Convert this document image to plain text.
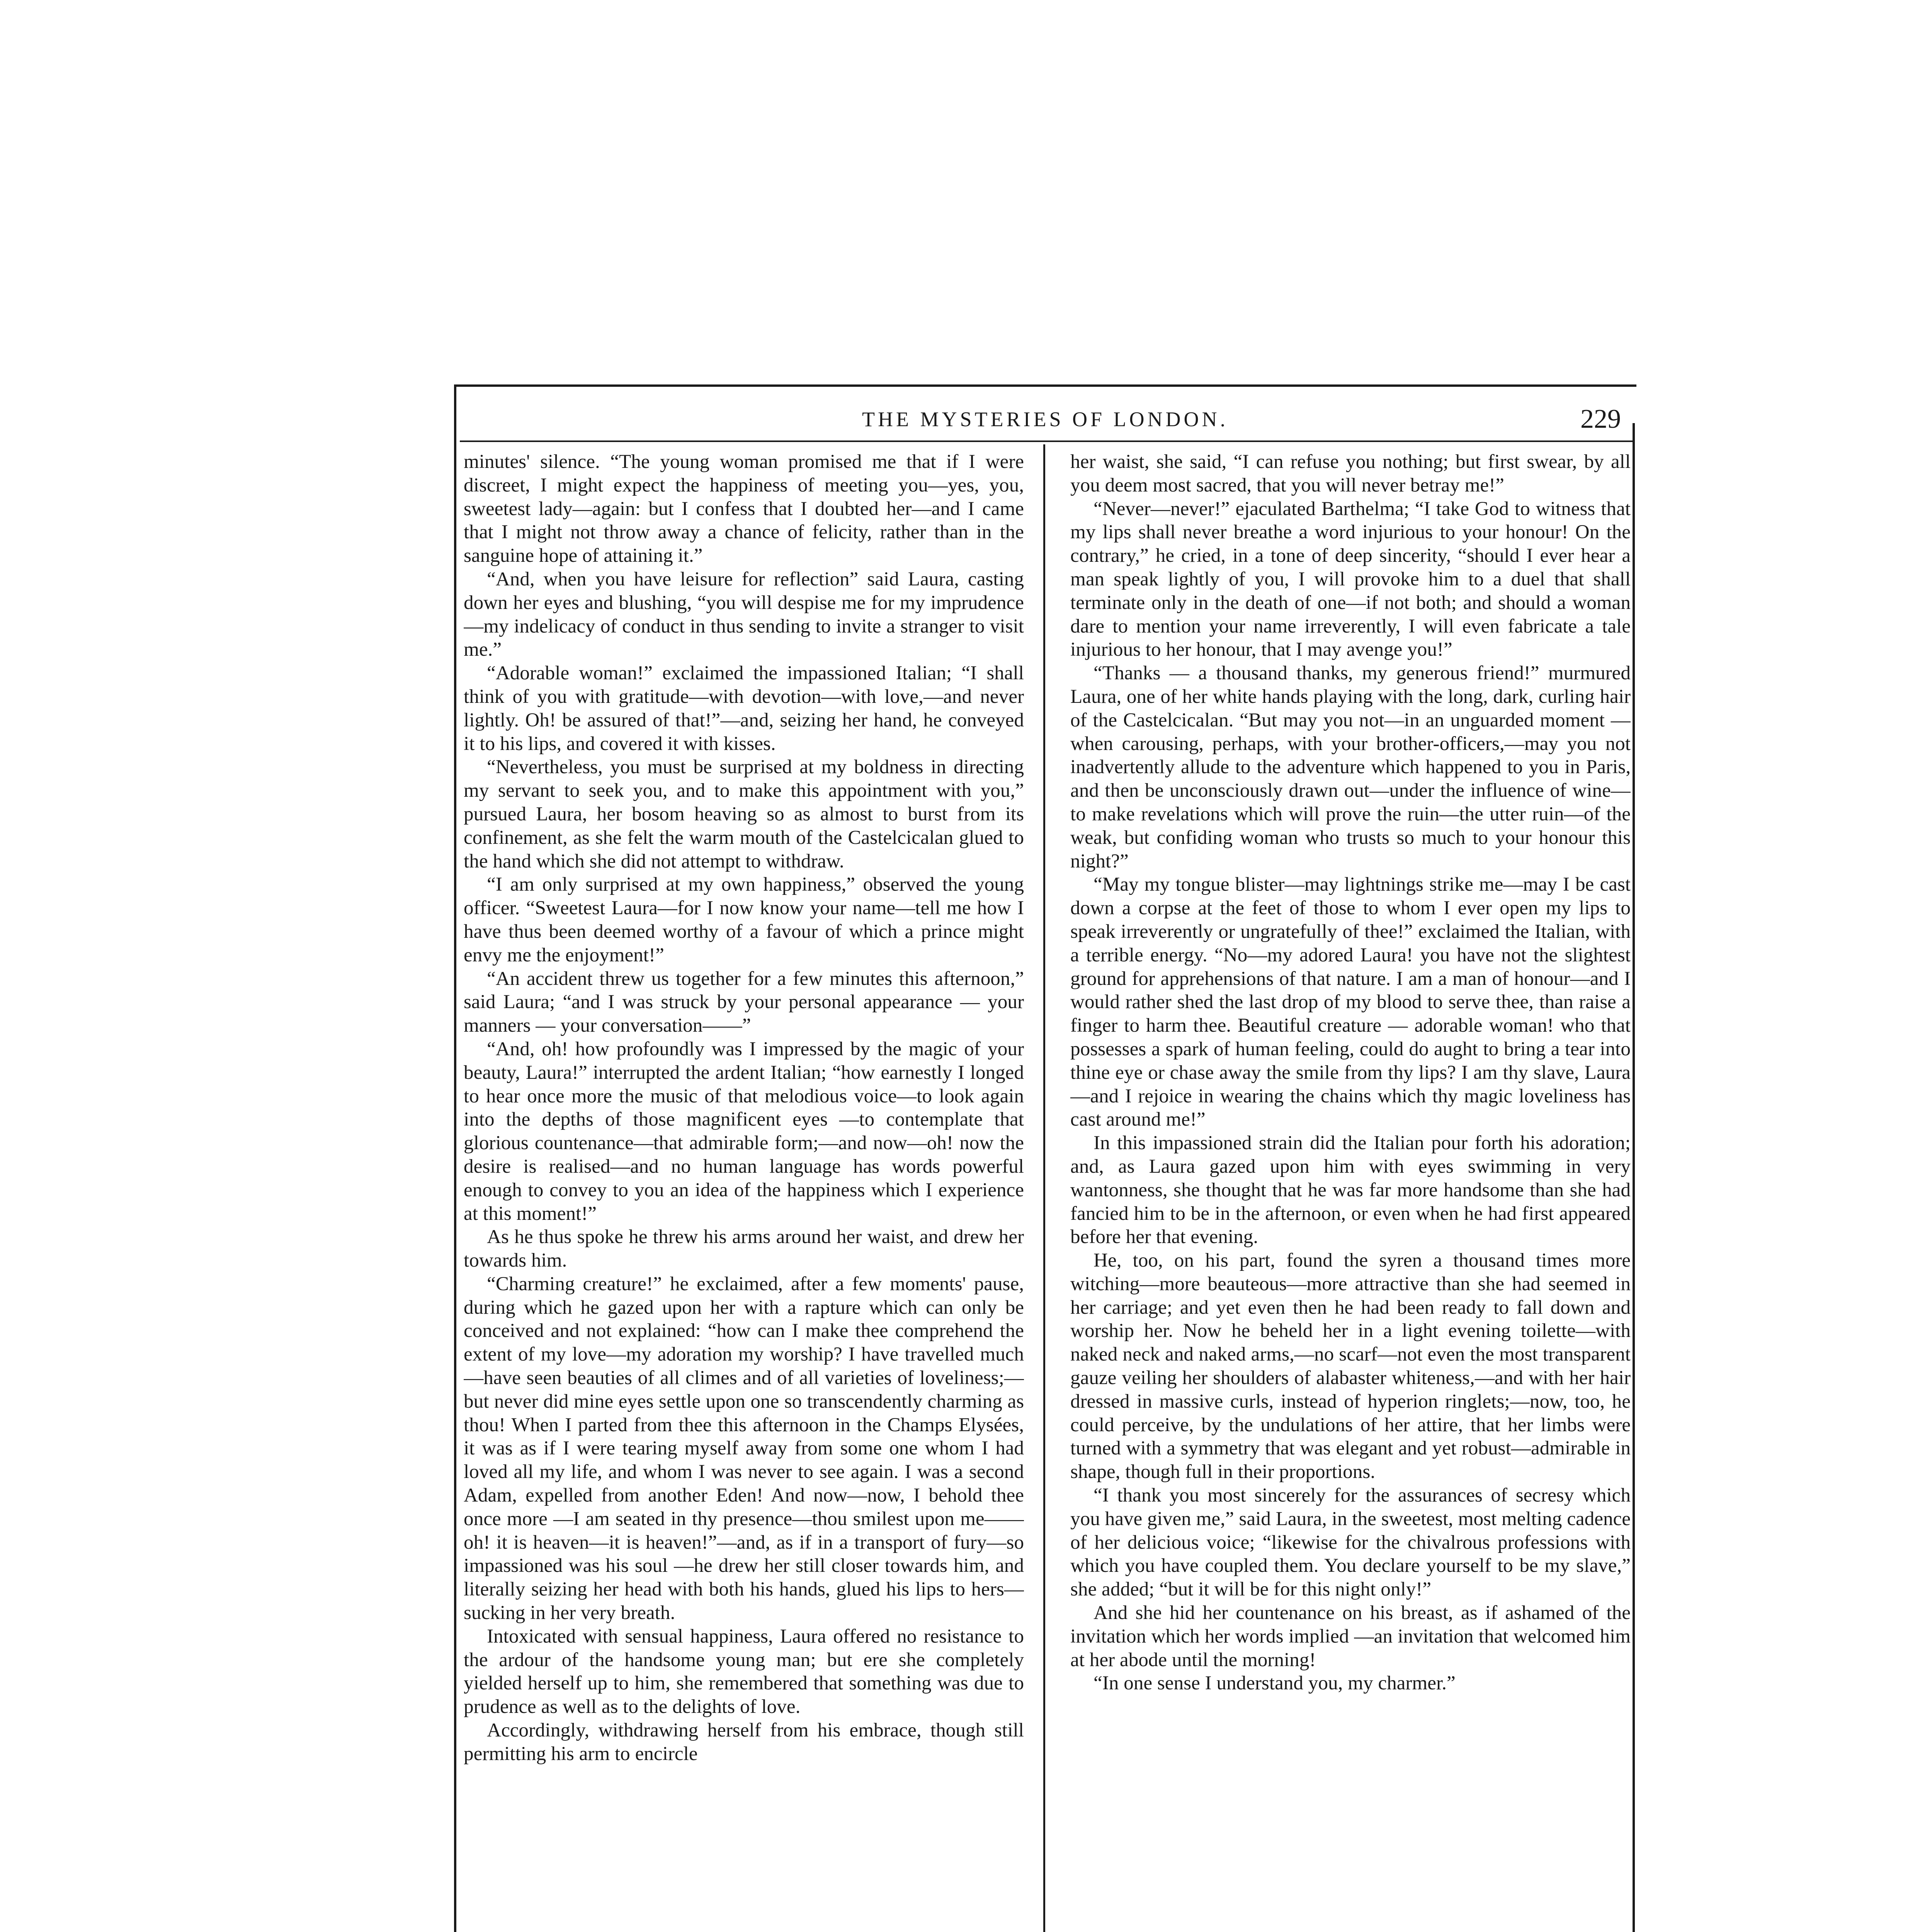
THE MYSTERIES OF LONDON.	229

minutes' silence. “The young woman promised me that if I were discreet, I might expect the happiness of meeting you—yes, you, sweetest lady—again: but I confess that I doubted her—and I came that I might not throw away a chance of felicity, rather than in the sanguine hope of attaining it.”

“And, when you have leisure for reflection” said Laura, casting down her eyes and blushing, “you will despise me for my imprudence—my indelicacy of conduct in thus sending to invite a stranger to visit me.”

“Adorable woman!” exclaimed the impassioned Italian; “I shall think of you with gratitude—with devotion—with love,—and never lightly. Oh! be assured of that!”—and, seizing her hand, he conveyed it to his lips, and covered it with kisses.

“Nevertheless, you must be surprised at my boldness in directing my servant to seek you, and to make this appointment with you,” pursued Laura, her bosom heaving so as almost to burst from its confinement, as she felt the warm mouth of the Castelcicalan glued to the hand which she did not attempt to withdraw.

“I am only surprised at my own happiness,” observed the young officer. “Sweetest Laura—for I now know your name—tell me how I have thus been deemed worthy of a favour of which a prince might envy me the enjoyment!”

“An accident threw us together for a few minutes this afternoon,” said Laura; “and I was struck by your personal appearance — your manners — your conversation——”

“And, oh! how profoundly was I impressed by the magic of your beauty, Laura!” interrupted the ardent Italian; “how earnestly I longed to hear once more the music of that melodious voice—to look again into the depths of those magnificent eyes —to contemplate that glorious countenance—that admirable form;—and now—oh! now the desire is realised—and no human language has words powerful enough to convey to you an idea of the happiness which I experience at this moment!”

As he thus spoke he threw his arms around her waist, and drew her towards him.

“Charming creature!” he exclaimed, after a few moments' pause, during which he gazed upon her with a rapture which can only be conceived and not explained: “how can I make thee comprehend the extent of my love—my adoration my worship? I have travelled much—have seen beauties of all climes and of all varieties of loveliness;—but never did mine eyes settle upon one so transcendently charming as thou! When I parted from thee this afternoon in the Champs Elysées, it was as if I were tearing myself away from some one whom I had loved all my life, and whom I was never to see again. I was a second Adam, expelled from another Eden! And now—now, I behold thee once more —I am seated in thy presence—thou smilest upon me——oh! it is heaven—it is heaven!”—and, as if in a transport of fury—so impassioned was his soul —he drew her still closer towards him, and literally seizing her head with both his hands, glued his lips to hers—sucking in her very breath.

Intoxicated with sensual happiness, Laura offered no resistance to the ardour of the handsome young man; but ere she completely yielded herself up to him, she remembered that something was due to prudence as well as to the delights of love.

Accordingly, withdrawing herself from his embrace, though still permitting his arm to encircle

her waist, she said, “I can refuse you nothing; but first swear, by all you deem most sacred, that you will never betray me!”

“Never—never!” ejaculated Barthelma; “I take God to witness that my lips shall never breathe a word injurious to your honour! On the contrary,” he cried, in a tone of deep sincerity, “should I ever hear a man speak lightly of you, I will provoke him to a duel that shall terminate only in the death of one—if not both; and should a woman dare to mention your name irreverently, I will even fabricate a tale injurious to her honour, that I may avenge you!”

“Thanks — a thousand thanks, my generous friend!” murmured Laura, one of her white hands playing with the long, dark, curling hair of the Castelcicalan. “But may you not—in an unguarded moment — when carousing, perhaps, with your brother-officers,—may you not inadvertently allude to the adventure which happened to you in Paris, and then be unconsciously drawn out—under the influence of wine—to make revelations which will prove the ruin—the utter ruin—of the weak, but confiding woman who trusts so much to your honour this night?”

“May my tongue blister—may lightnings strike me—may I be cast down a corpse at the feet of those to whom I ever open my lips to speak irreverently or ungratefully of thee!” exclaimed the Italian, with a terrible energy. “No—my adored Laura! you have not the slightest ground for apprehensions of that nature. I am a man of honour—and I would rather shed the last drop of my blood to serve thee, than raise a finger to harm thee. Beautiful creature — adorable woman! who that possesses a spark of human feeling, could do aught to bring a tear into thine eye or chase away the smile from thy lips? I am thy slave, Laura—and I rejoice in wearing the chains which thy magic loveliness has cast around me!”

In this impassioned strain did the Italian pour forth his adoration; and, as Laura gazed upon him with eyes swimming in very wantonness, she thought that he was far more handsome than she had fancied him to be in the afternoon, or even when he had first appeared before her that evening.

He, too, on his part, found the syren a thousand times more witching—more beauteous—more attractive than she had seemed in her carriage; and yet even then he had been ready to fall down and worship her. Now he beheld her in a light evening toilette—with naked neck and naked arms,—no scarf—not even the most transparent gauze veiling her shoulders of alabaster whiteness,—and with her hair dressed in massive curls, instead of hyperion ringlets;—now, too, he could perceive, by the undulations of her attire, that her limbs were turned with a symmetry that was elegant and yet robust—admirable in shape, though full in their proportions.

“I thank you most sincerely for the assurances of secresy which you have given me,” said Laura, in the sweetest, most melting cadence of her delicious voice; “likewise for the chivalrous professions with which you have coupled them. You declare yourself to be my slave,” she added; “but it will be for this night only!”

And she hid her countenance on his breast, as if ashamed of the invitation which her words implied —an invitation that welcomed him at her abode until the morning!

“In one sense I understand you, my charmer.”
